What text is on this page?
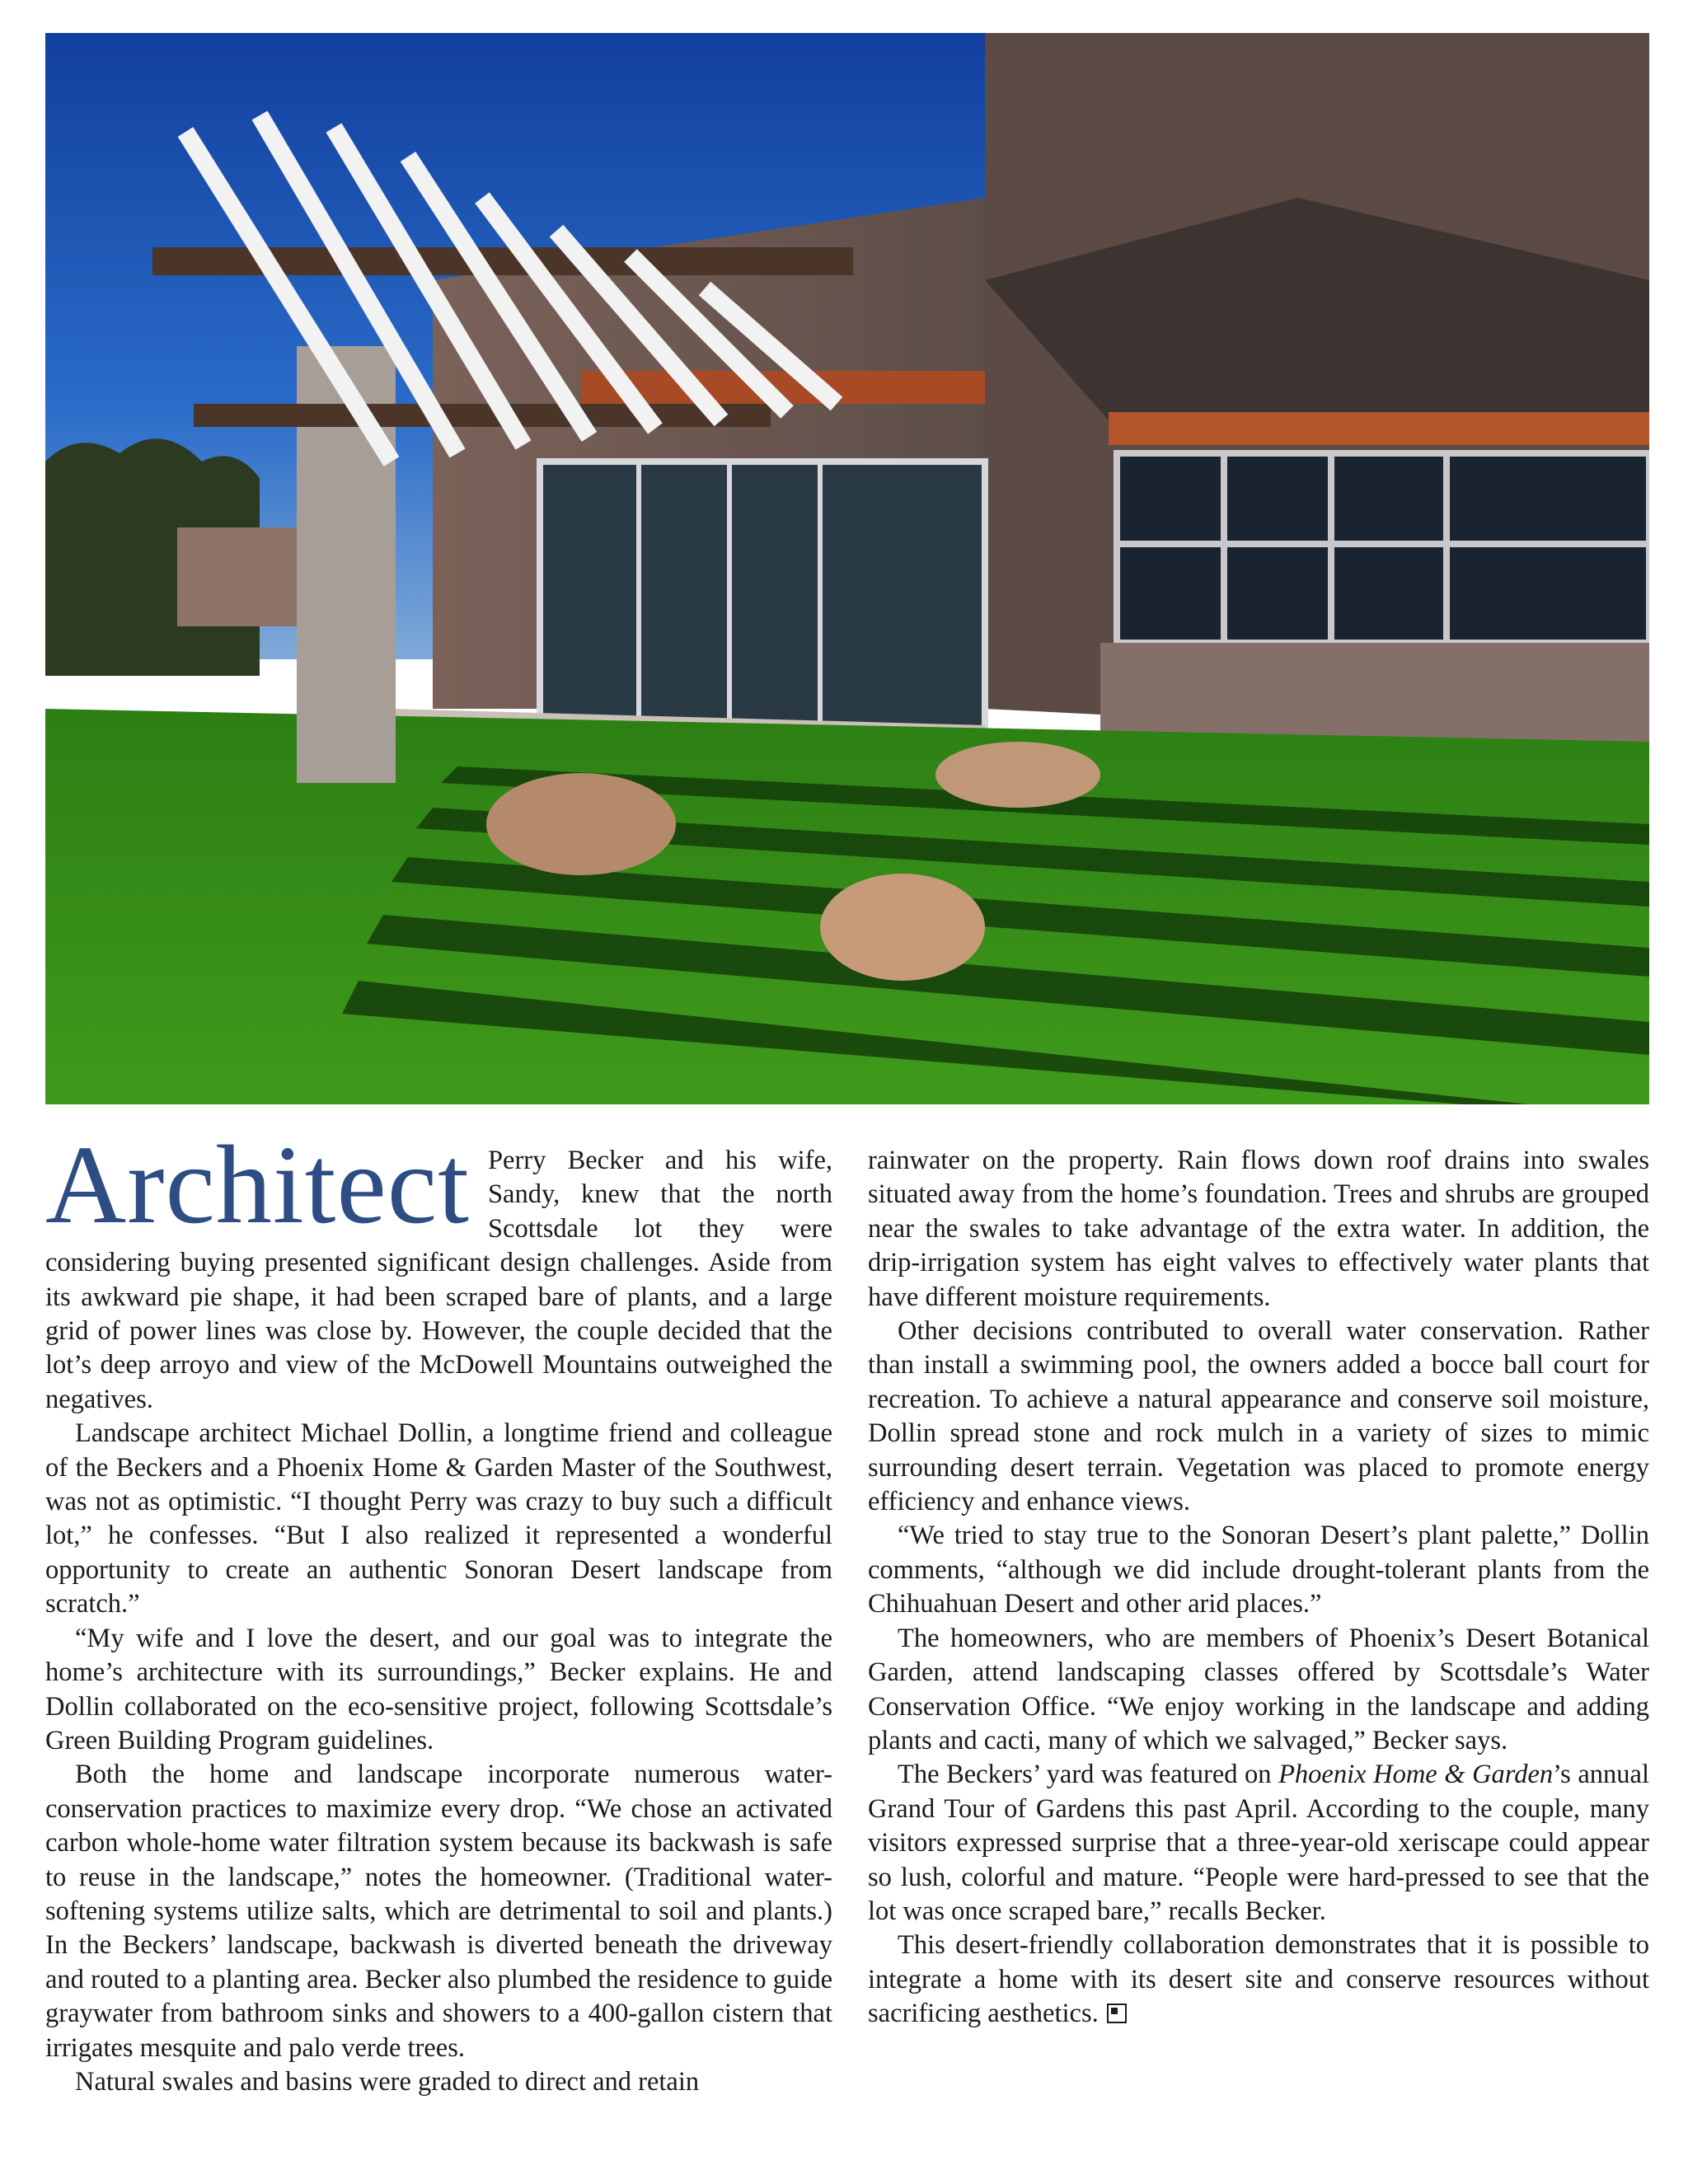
Architect Perry Becker and his wife, Sandy, knew that the north Scottsdale lot they were considering buying presented significant design challenges. Aside from its awkward pie shape, it had been scraped bare of plants, and a large grid of power lines was close by. However, the couple decided that the lot’s deep arroyo and view of the McDowell Mountains outweighed the negatives.

Landscape architect Michael Dollin, a longtime friend and colleague of the Beckers and a Phoenix Home & Garden Master of the Southwest, was not as optimistic. “I thought Perry was crazy to buy such a difficult lot,” he confesses. “But I also realized it represented a wonderful opportunity to create an authentic Sonoran Desert landscape from scratch.”

“My wife and I love the desert, and our goal was to integrate the home’s architecture with its surroundings,” Becker explains. He and Dollin collaborated on the eco-sensitive project, following Scottsdale’s Green Building Program guidelines.

Both the home and landscape incorporate numerous water-conservation practices to maximize every drop. “We chose an activated carbon whole-home water filtration system because its backwash is safe to reuse in the landscape,” notes the homeowner. (Traditional water-softening systems utilize salts, which are detrimental to soil and plants.) In the Beckers’ landscape, backwash is diverted beneath the driveway and routed to a planting area. Becker also plumbed the residence to guide graywater from bathroom sinks and showers to a 400-gallon cistern that irrigates mesquite and palo verde trees.

Natural swales and basins were graded to direct and retain

rainwater on the property. Rain flows down roof drains into swales situated away from the home’s foundation. Trees and shrubs are grouped near the swales to take advantage of the extra water. In addition, the drip-irrigation system has eight valves to effectively water plants that have different moisture requirements.

Other decisions contributed to overall water conservation. Rather than install a swimming pool, the owners added a bocce ball court for recreation. To achieve a natural appearance and conserve soil moisture, Dollin spread stone and rock mulch in a variety of sizes to mimic surrounding desert terrain. Vegetation was placed to promote energy efficiency and enhance views.

“We tried to stay true to the Sonoran Desert’s plant palette,” Dollin comments, “although we did include drought-tolerant plants from the Chihuahuan Desert and other arid places.”

The homeowners, who are members of Phoenix’s Desert Botanical Garden, attend landscaping classes offered by Scottsdale’s Water Conservation Office. “We enjoy working in the landscape and adding plants and cacti, many of which we salvaged,” Becker says.

The Beckers’ yard was featured on Phoenix Home & Garden’s annual Grand Tour of Gardens this past April. According to the couple, many visitors expressed surprise that a three-year-old xeriscape could appear so lush, colorful and mature. “People were hard-pressed to see that the lot was once scraped bare,” recalls Becker.

This desert-friendly collaboration demonstrates that it is possible to integrate a home with its desert site and conserve resources without sacrificing aesthetics.
